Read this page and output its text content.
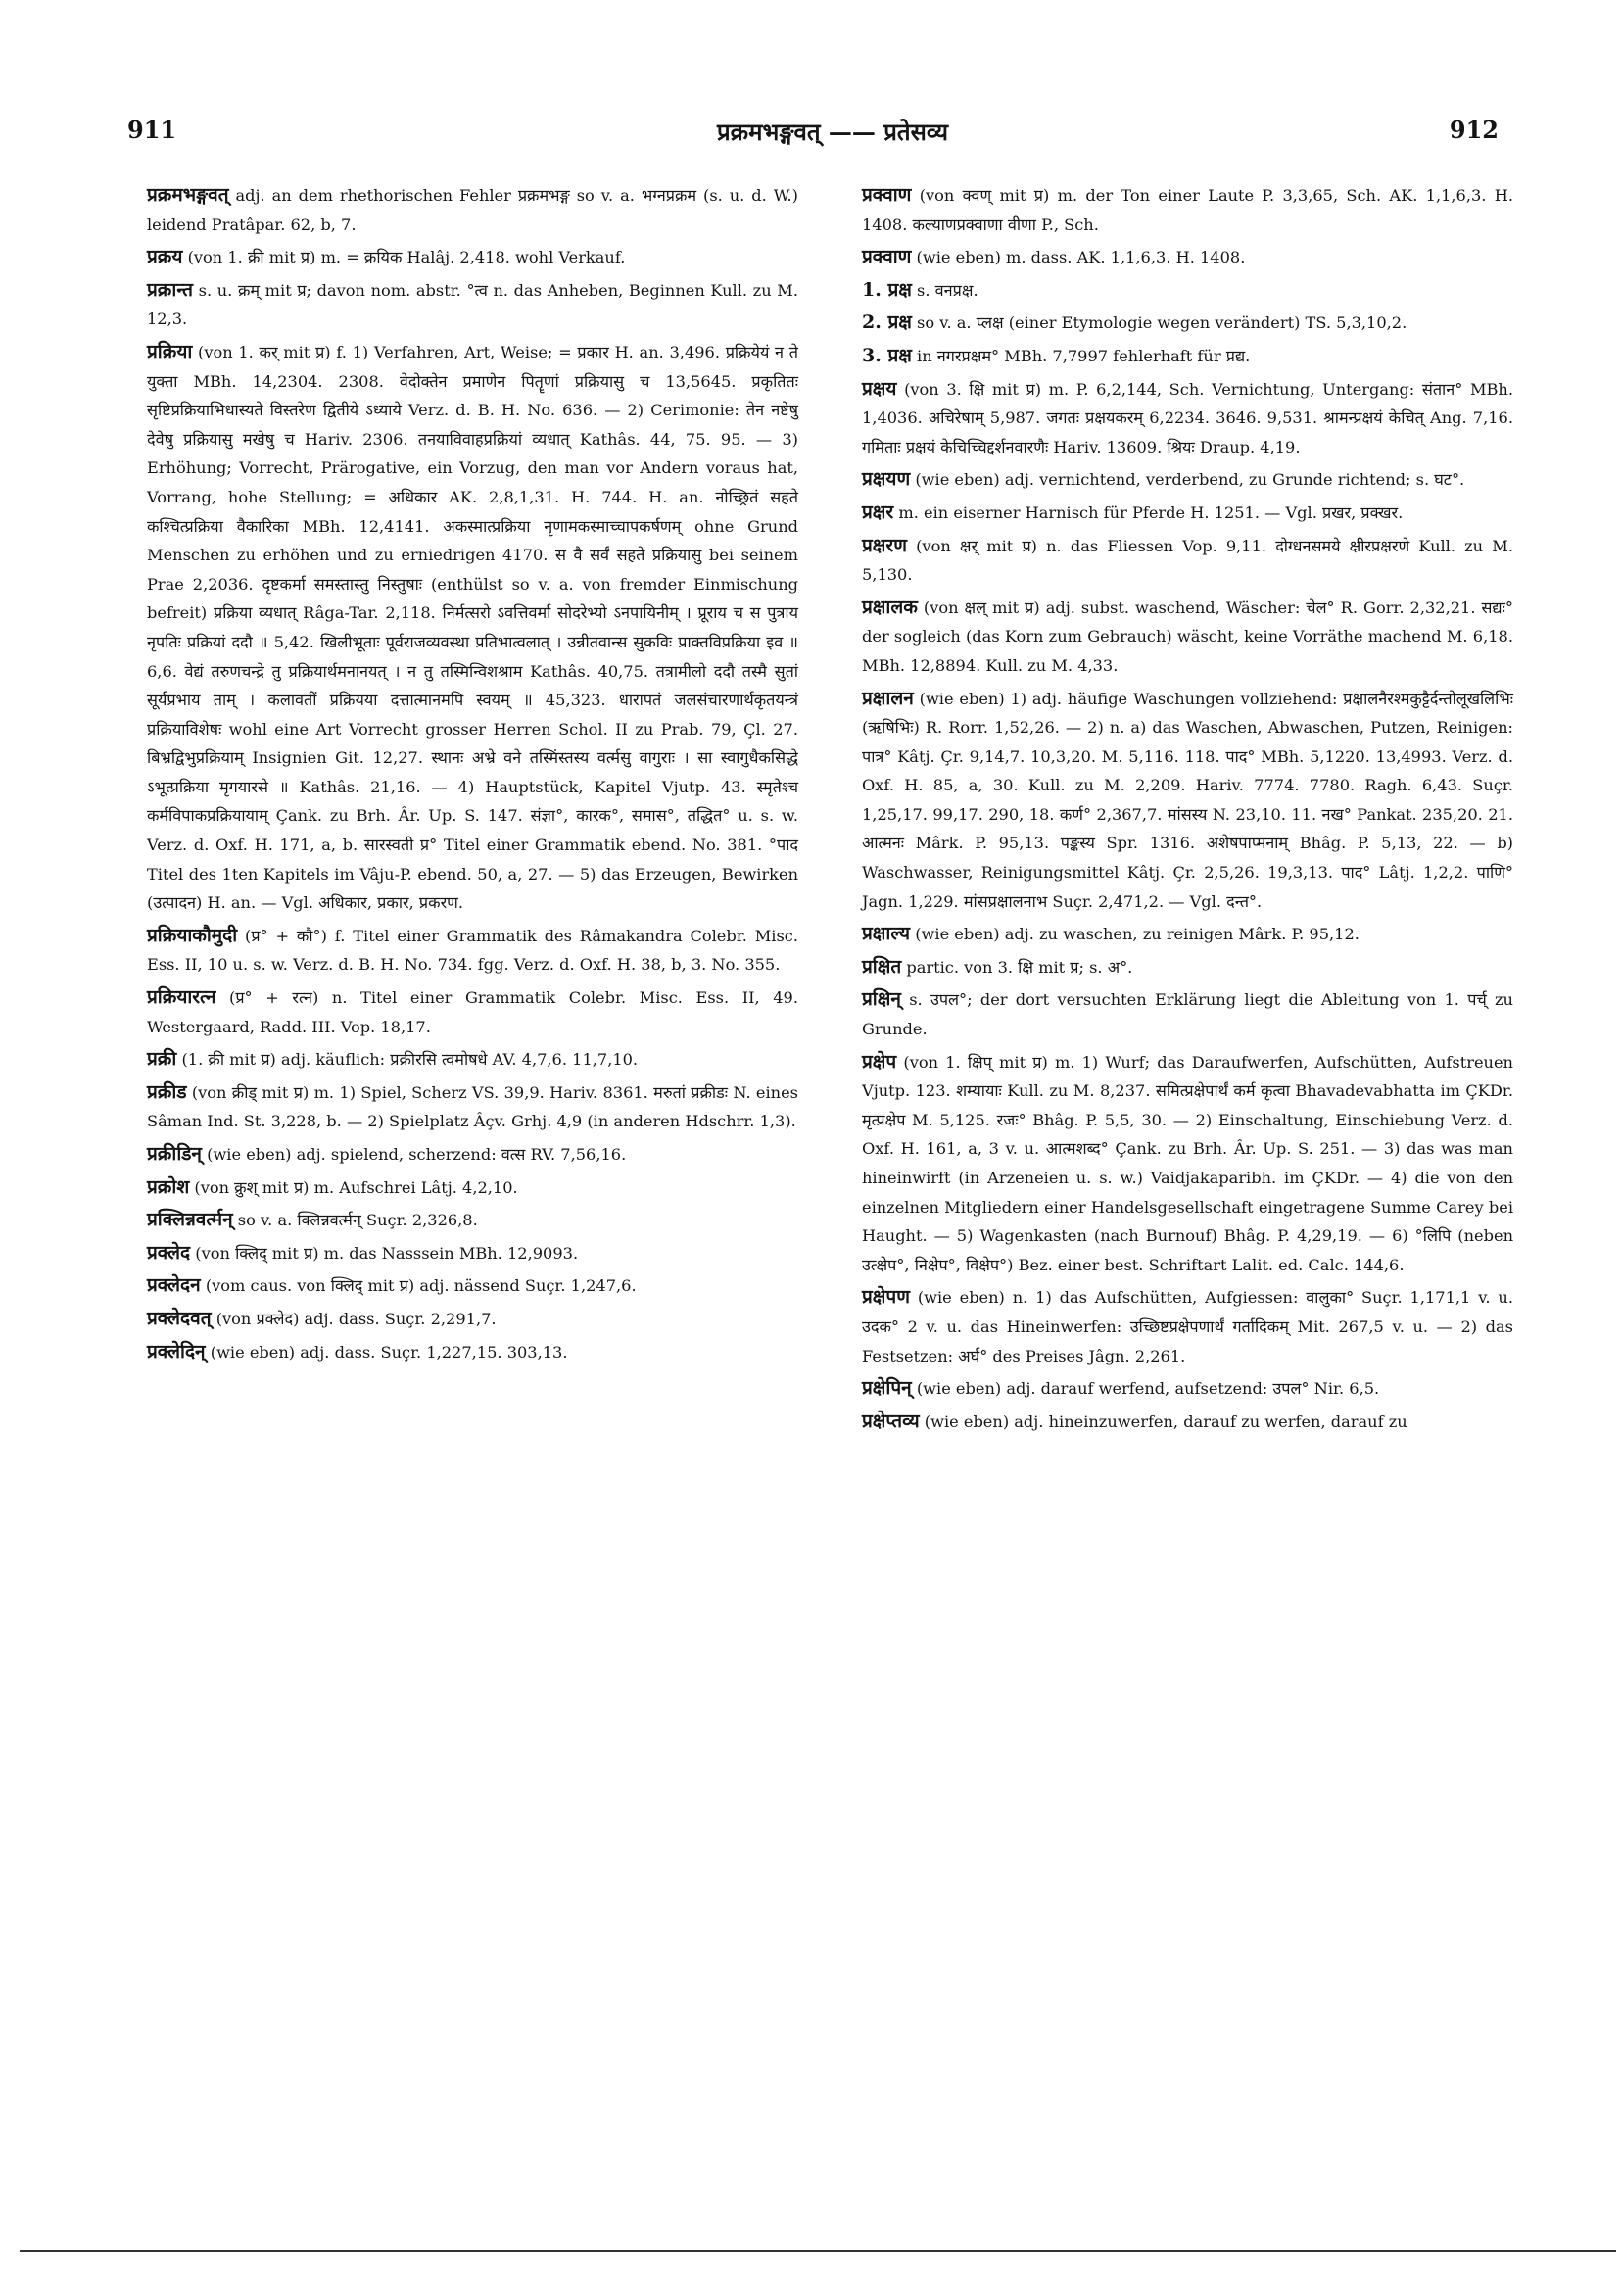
911	प्रक्रमभङ्गवत् —— प्रतेसव्य	912

प्रक्रमभङ्गवत् adj. an dem rhethorischen Fehler प्रक्रमभङ्ग so v. a. भग्नप्रक्रम (s. u. d. W.) leidend Pratâpar. 62, b, 7.

प्रक्रय (von 1. क्री mit प्र) m. = क्रयिक Halâj. 2,418. wohl Verkauf.

प्रक्रान्त s. u. क्रम् mit प्र; davon nom. abstr. °त्व n. das Anheben, Beginnen Kull. zu M. 12,3.

प्रक्रिया (von 1. कर् mit प्र) f. 1) Verfahren, Art, Weise; = प्रकार H. an. 3,496. प्रक्रियेयं न ते युक्ता MBh. 14,2304. 2308. वेदोक्तेन प्रमाणेन पितॄणां प्रक्रियासु च 13,5645. प्रकृतितः सृष्टिप्रक्रियाभिधास्यते विस्तरेण द्वितीये ऽध्याये Verz. d. B. H. No. 636. — 2) Cerimonie: तेन नष्टेषु देवेषु प्रक्रियासु मखेषु च Hariv. 2306. तनयाविवाहप्रक्रियां व्यधात् Kathâs. 44, 75. 95. — 3) Erhöhung; Vorrecht, Prärogative, ein Vorzug, den man vor Andern voraus hat, Vorrang, hohe Stellung; = अधिकार AK. 2,8,1,31. H. 744. H. an. नोच्छ्रितं सहते कश्चित्प्रक्रिया वैकारिका MBh. 12,4141. अकस्मात्प्रक्रिया नृणामकस्माच्चापकर्षणम् ohne Grund Menschen zu erhöhen und zu erniedrigen 4170. स वै सर्वं सहते प्रक्रियासु bei seinem Prae 2,2036. दृष्टकर्मा समस्तास्तु निस्तुषाः (enthülst so v. a. von fremder Einmischung befreit) प्रक्रिया व्यधात् Râga-Tar. 2,118. निर्मत्सरो ऽवत्तिवर्मा सोदरेभ्यो ऽनपायिनीम् । प्रूराय च स पुत्राय नृपतिः प्रक्रियां ददौ ॥ 5,42. खिलीभूताः पूर्वराजव्यवस्था प्रतिभात्वलात् । उन्नीतवान्स सुकविः प्राक्तविप्रक्रिया इव ॥ 6,6. वेद्यं तरुणचन्द्रे तु प्रक्रियार्थमनानयत् । न तु तस्मिन्विशश्राम Kathâs. 40,75. तत्रामीलो ददौ तस्मै सुतां सूर्यप्रभाय ताम् । कलावतीं प्रक्रियया दत्तात्मानमपि स्वयम् ॥ 45,323. धारापतं जलसंचारणार्थकृतयन्त्रं प्रक्रियाविशेषः wohl eine Art Vorrecht grosser Herren Schol. II zu Prab. 79, Çl. 27. बिभ्रद्विभुप्रक्रियाम् Insignien Git. 12,27. स्थानः अभ्रे वने तस्मिंस्तस्य वर्त्मसु वागुराः । सा स्वागुधैकसिद्धे ऽभूत्प्रक्रिया मृगयारसे ॥ Kathâs. 21,16. — 4) Hauptstück, Kapitel Vjutp. 43. स्मृतेश्च कर्मविपाकप्रक्रियायाम् Çank. zu Brh. Âr. Up. S. 147. संज्ञा°, कारक°, समास°, तद्धित° u. s. w. Verz. d. Oxf. H. 171, a, b. सारस्वती प्र° Titel einer Grammatik ebend. No. 381. °पाद Titel des 1ten Kapitels im Vâju-P. ebend. 50, a, 27. — 5) das Erzeugen, Bewirken (उत्पादन) H. an. — Vgl. अधिकार, प्रकार, प्रकरण.

प्रक्रियाकौमुदी (प्र° + कौ°) f. Titel einer Grammatik des Râmakandra Colebr. Misc. Ess. II, 10 u. s. w. Verz. d. B. H. No. 734. fgg. Verz. d. Oxf. H. 38, b, 3. No. 355.

प्रक्रियारत्न (प्र° + रत्न) n. Titel einer Grammatik Colebr. Misc. Ess. II, 49. Westergaard, Radd. III. Vop. 18,17.

प्रक्री (1. क्री mit प्र) adj. käuflich: प्रक्रीरसि त्वमोषधे AV. 4,7,6. 11,7,10.

प्रक्रीड (von क्रीड् mit प्र) m. 1) Spiel, Scherz VS. 39,9. Hariv. 8361. मरुतां प्रक्रीडः N. eines Sâman Ind. St. 3,228, b. — 2) Spielplatz Âçv. Grhj. 4,9 (in anderen Hdschrr. 1,3).

प्रक्रीडिन् (wie eben) adj. spielend, scherzend: वत्स RV. 7,56,16.

प्रक्रोश (von क्रुश् mit प्र) m. Aufschrei Lâtj. 4,2,10.

प्रक्लिन्नवर्त्मन् so v. a. क्लिन्नवर्त्मन् Suçr. 2,326,8.

प्रक्लेद (von क्लिद् mit प्र) m. das Nasssein MBh. 12,9093.

प्रक्लेदन (vom caus. von क्लिद् mit प्र) adj. nässend Suçr. 1,247,6.

प्रक्लेदवत् (von प्रक्लेद) adj. dass. Suçr. 2,291,7.

प्रक्लेदिन् (wie eben) adj. dass. Suçr. 1,227,15. 303,13.

प्रक्वाण (von क्वण् mit प्र) m. der Ton einer Laute P. 3,3,65, Sch. AK. 1,1,6,3. H. 1408. कल्याणप्रक्वाणा वीणा P., Sch.

प्रक्वाण (wie eben) m. dass. AK. 1,1,6,3. H. 1408.

1. प्रक्ष s. वनप्रक्ष.

2. प्रक्ष so v. a. प्लक्ष (einer Etymologie wegen verändert) TS. 5,3,10,2.

3. प्रक्ष in नगरप्रक्षम° MBh. 7,7997 fehlerhaft für प्रद्य.

प्रक्षय (von 3. क्षि mit प्र) m. P. 6,2,144, Sch. Vernichtung, Untergang: संतान° MBh. 1,4036. अचिरेषाम् 5,987. जगतः प्रक्षयकरम् 6,2234. 3646. 9,531. श्रामन्प्रक्षयं केचित् Ang. 7,16. गमिताः प्रक्षयं केचिच्चिद्दर्शनवारणैः Hariv. 13609. श्रियः Draup. 4,19.

प्रक्षयण (wie eben) adj. vernichtend, verderbend, zu Grunde richtend; s. घट°.

प्रक्षर m. ein eiserner Harnisch für Pferde H. 1251. — Vgl. प्रखर, प्रक्खर.

प्रक्षरण (von क्षर् mit प्र) n. das Fliessen Vop. 9,11. दोग्धनसमये क्षीरप्रक्षरणे Kull. zu M. 5,130.

प्रक्षालक (von क्षल् mit प्र) adj. subst. waschend, Wäscher: चेल° R. Gorr. 2,32,21. सद्यः° der sogleich (das Korn zum Gebrauch) wäscht, keine Vorräthe machend M. 6,18. MBh. 12,8894. Kull. zu M. 4,33.

प्रक्षालन (wie eben) 1) adj. häufige Waschungen vollziehend: प्रक्षालनैरश्मकुट्टैर्दन्तोलूखलिभिः (ऋषिभिः) R. Rorr. 1,52,26. — 2) n. a) das Waschen, Abwaschen, Putzen, Reinigen: पात्र° Kâtj. Çr. 9,14,7. 10,3,20. M. 5,116. 118. पाद° MBh. 5,1220. 13,4993. Verz. d. Oxf. H. 85, a, 30. Kull. zu M. 2,209. Hariv. 7774. 7780. Ragh. 6,43. Suçr. 1,25,17. 99,17. 290, 18. कर्ण° 2,367,7. मांसस्य N. 23,10. 11. नख° Pankat. 235,20. 21. आत्मनः Mârk. P. 95,13. पङ्कस्य Spr. 1316. अशेषपाप्मनाम् Bhâg. P. 5,13, 22. — b) Waschwasser, Reinigungsmittel Kâtj. Çr. 2,5,26. 19,3,13. पाद° Lâtj. 1,2,2. पाणि° Jagn. 1,229. मांसप्रक्षालनाभ Suçr. 2,471,2. — Vgl. दन्त°.

प्रक्षाल्य (wie eben) adj. zu waschen, zu reinigen Mârk. P. 95,12.

प्रक्षित partic. von 3. क्षि mit प्र; s. अ°.

प्रक्षिन् s. उपल°; der dort versuchten Erklärung liegt die Ableitung von 1. पर्च् zu Grunde.

प्रक्षेप (von 1. क्षिप् mit प्र) m. 1) Wurf; das Daraufwerfen, Aufschütten, Aufstreuen Vjutp. 123. शम्यायाः Kull. zu M. 8,237. समित्प्रक्षेपार्थं कर्म कृत्वा Bhavadevabhatta im ÇKDr. मृत्प्रक्षेप M. 5,125. रजः° Bhâg. P. 5,5, 30. — 2) Einschaltung, Einschiebung Verz. d. Oxf. H. 161, a, 3 v. u. आत्मशब्द° Çank. zu Brh. Âr. Up. S. 251. — 3) das was man hineinwirft (in Arzeneien u. s. w.) Vaidjakaparibh. im ÇKDr. — 4) die von den einzelnen Mitgliedern einer Handelsgesellschaft eingetragene Summe Carey bei Haught. — 5) Wagenkasten (nach Burnouf) Bhâg. P. 4,29,19. — 6) °लिपि (neben उत्क्षेप°, निक्षेप°, विक्षेप°) Bez. einer best. Schriftart Lalit. ed. Calc. 144,6.

प्रक्षेपण (wie eben) n. 1) das Aufschütten, Aufgiessen: वालुका° Suçr. 1,171,1 v. u. उदक° 2 v. u. das Hineinwerfen: उच्छिष्टप्रक्षेपणार्थं गर्तादिकम् Mit. 267,5 v. u. — 2) das Festsetzen: अर्घ° des Preises Jâgn. 2,261.

प्रक्षेपिन् (wie eben) adj. darauf werfend, aufsetzend: उपल° Nir. 6,5.

प्रक्षेप्तव्य (wie eben) adj. hineinzuwerfen, darauf zu werfen, darauf zu
